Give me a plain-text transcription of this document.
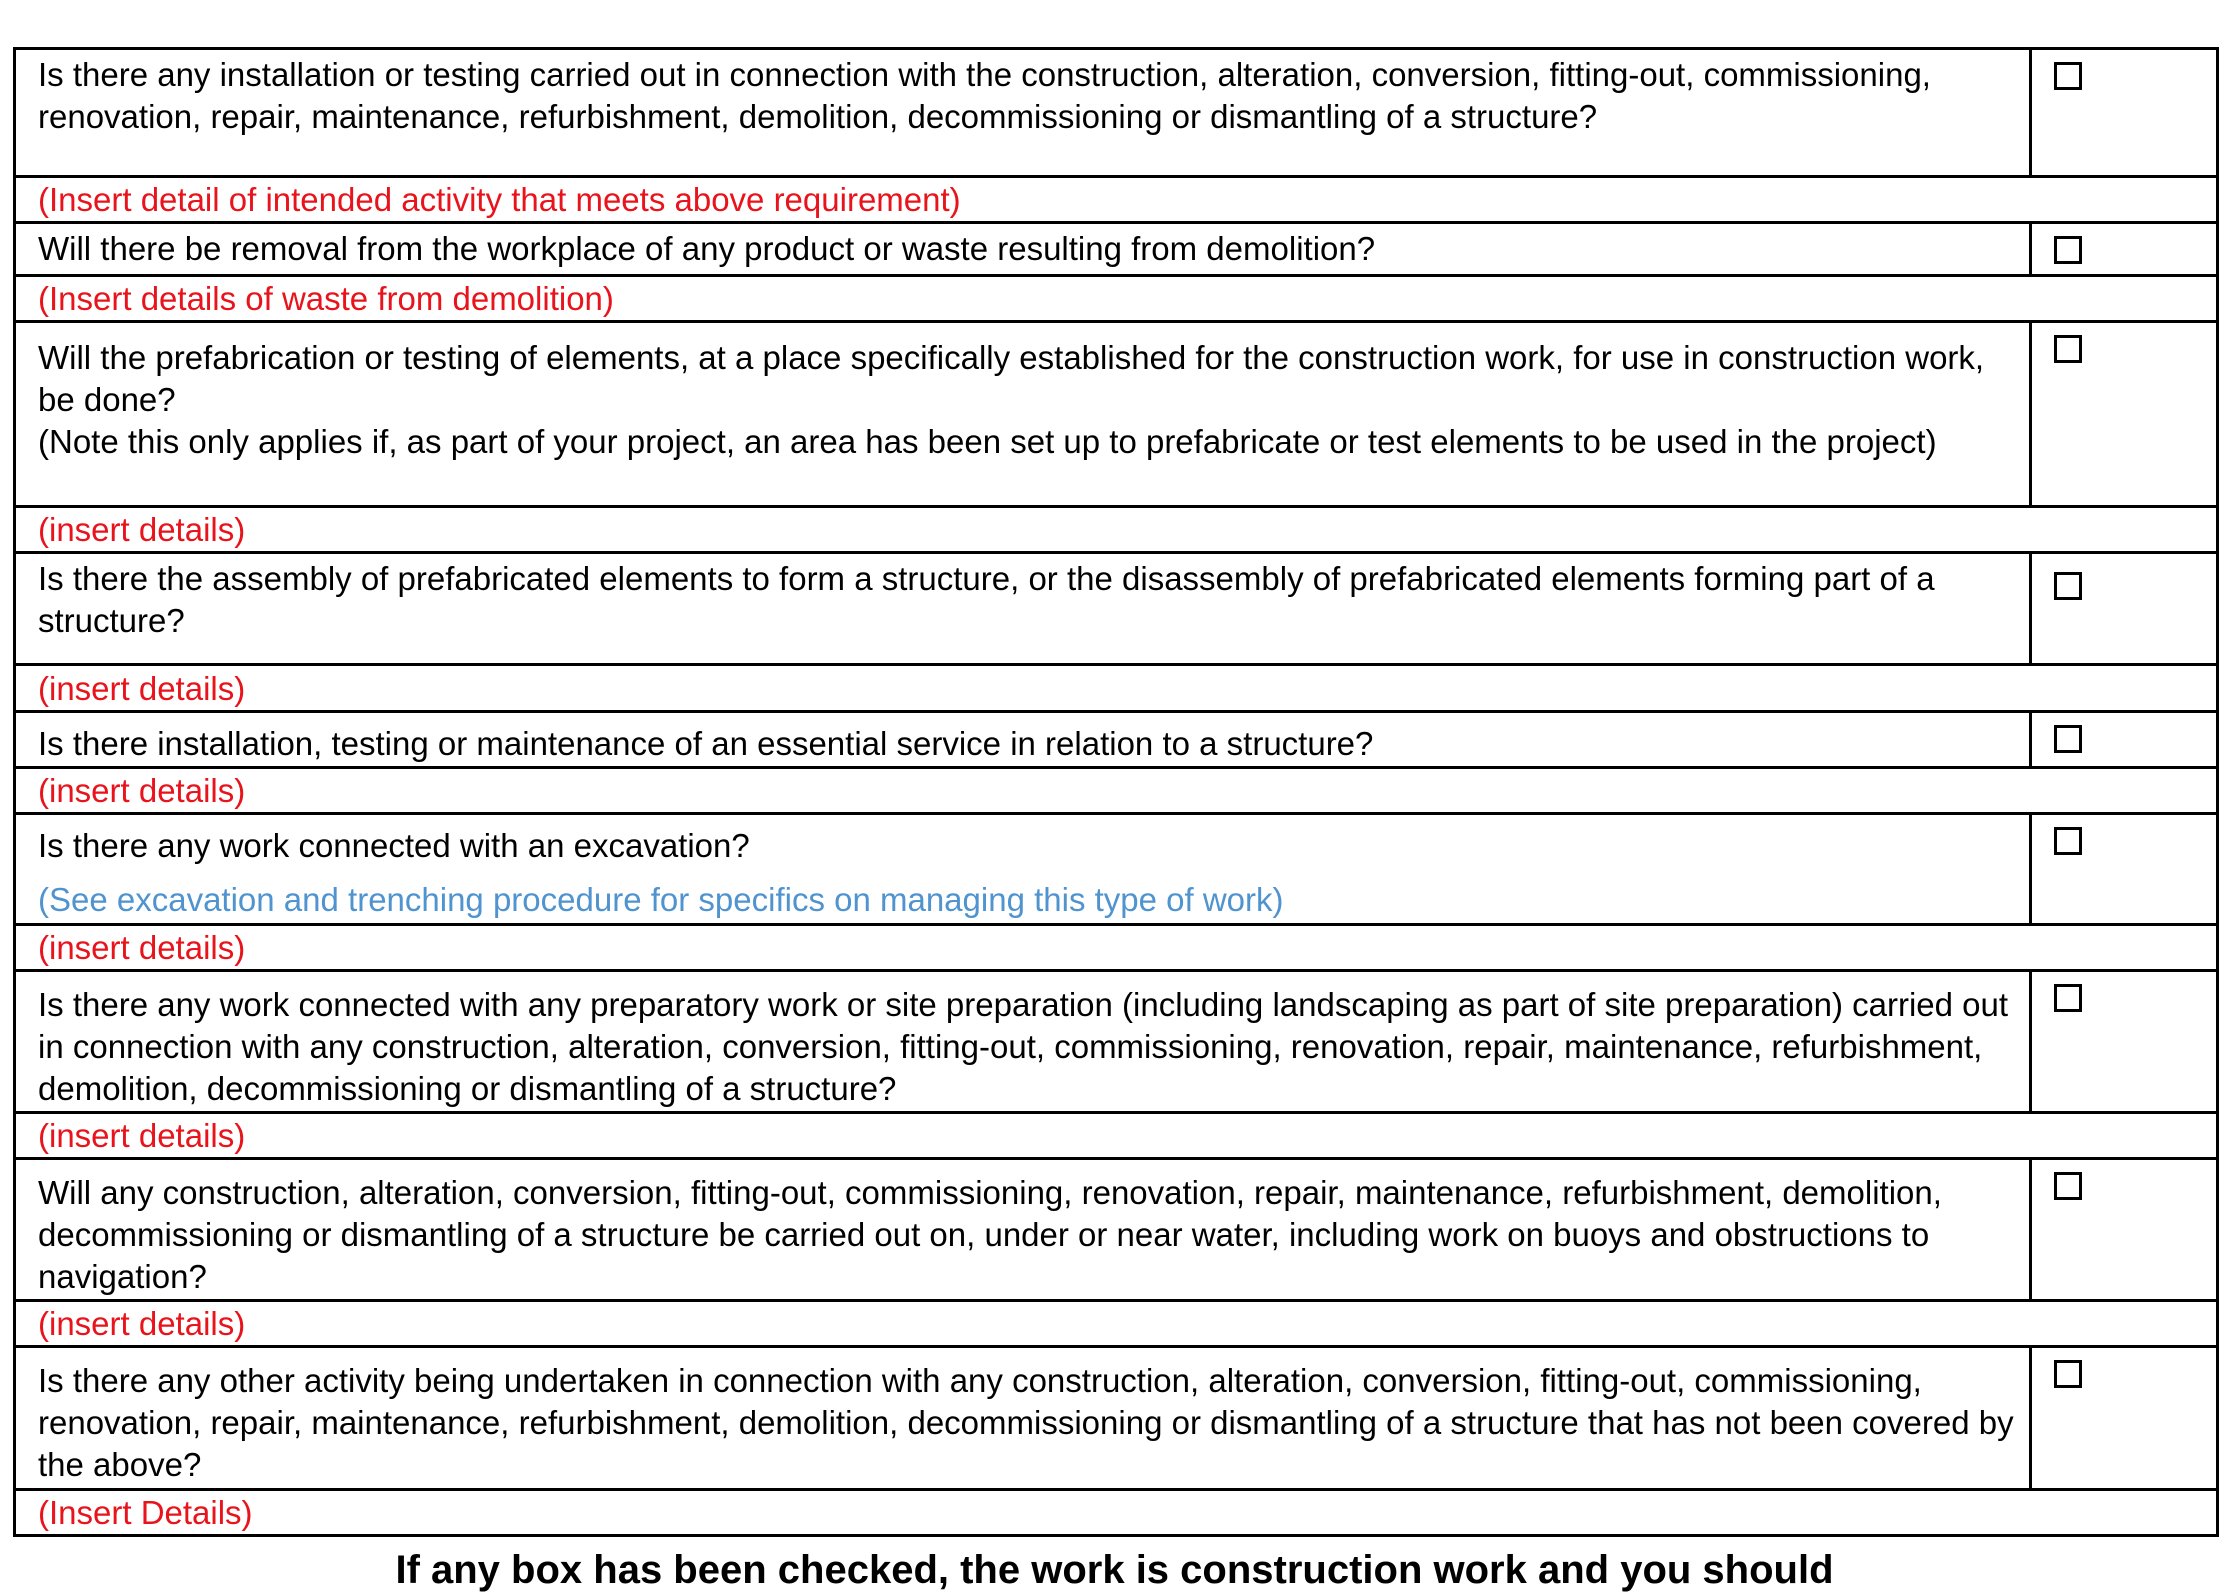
Is there any installation or testing carried out in connection with the construction, alteration, conversion, fitting-out, commissioning, renovation, repair, maintenance, refurbishment, demolition, decommissioning or dismantling of a structure?	
(Insert detail of intended activity that meets above requirement)	
Will there be removal from the workplace of any product or waste resulting from demolition?	
(Insert details of waste from demolition)	

Will the prefabrication or testing of elements, at a place specifically established for the construction work, for use in construction work, be done?
(Note this only applies if, as part of your project, an area has been set up to prefabricate or test elements to be used in the project)	

(insert details)	
Is there the assembly of prefabricated elements to form a structure, or the disassembly of prefabricated elements forming part of a structure?	
(insert details)	
Is there installation, testing or maintenance of an essential service in relation to a structure?	
(insert details)	

Is there any work connected with an excavation?
(See excavation and trenching procedure for specifics on managing this type of work)	

(insert details)	
Is there any work connected with any preparatory work or site preparation (including landscaping as part of site preparation) carried out in connection with any construction, alteration, conversion, fitting-out, commissioning, renovation, repair, maintenance, refurbishment, demolition, decommissioning or dismantling of a structure?	
(insert details)	
Will any construction, alteration, conversion, fitting-out, commissioning, renovation, repair, maintenance, refurbishment, demolition, decommissioning or dismantling of a structure be carried out on, under or near water, including work on buoys and obstructions to navigation?	
(insert details)	
Is there any other activity being undertaken in connection with any construction, alteration, conversion, fitting-out, commissioning, renovation, repair, maintenance, refurbishment, demolition, decommissioning or dismantling of a structure that has not been covered by the above?	
(Insert Details)	
If any box has been checked, the work is construction work and you should
